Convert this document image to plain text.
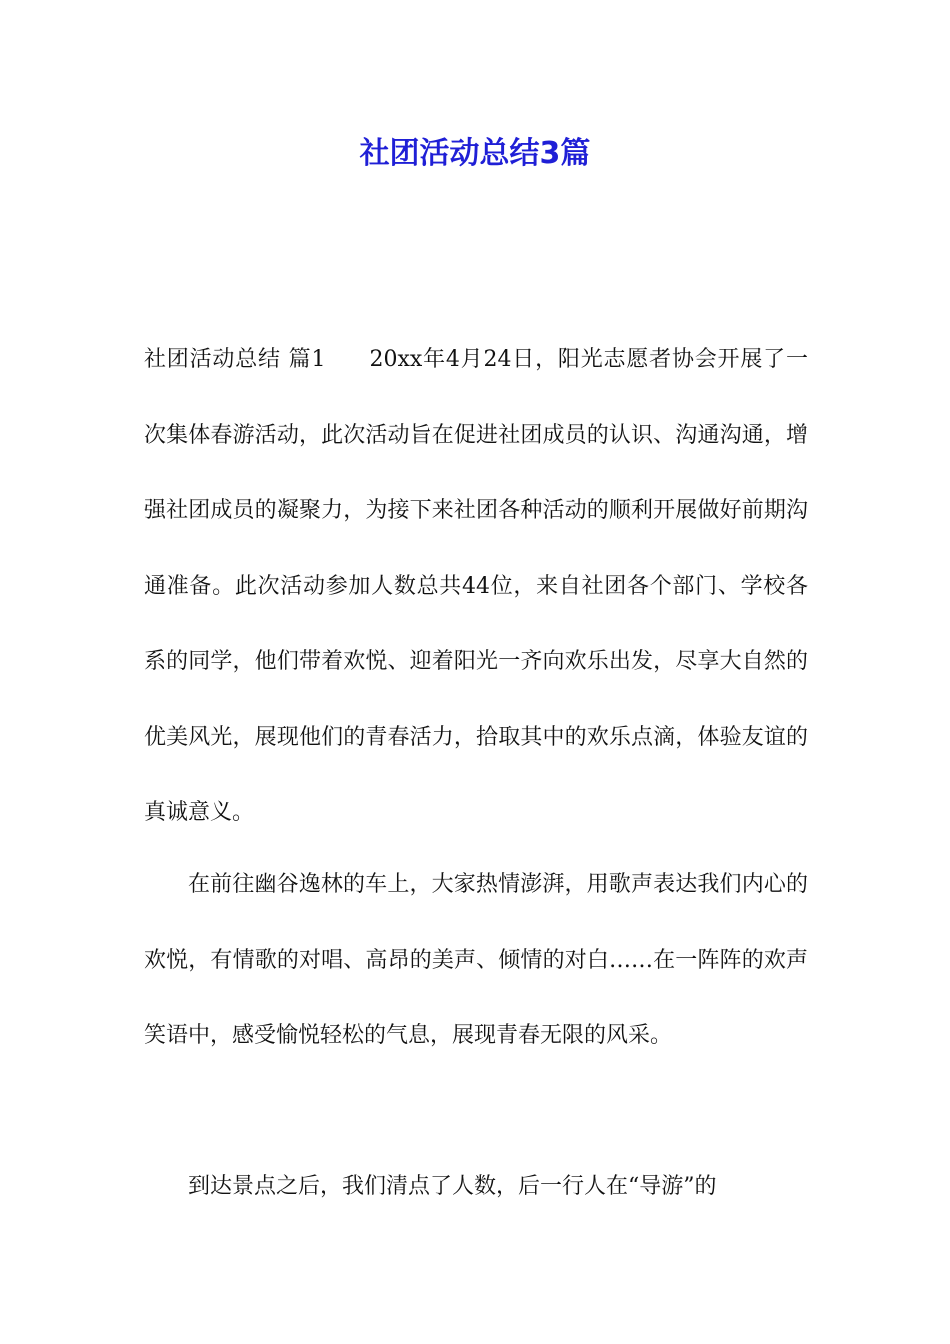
社团活动总结3篇

社团活动总结 篇1 20xx年4月24日，阳光志愿者协会开展了一次集体春游活动，此次活动旨在促进社团成员的认识、沟通沟通，增强社团成员的凝聚力，为接下来社团各种活动的顺利开展做好前期沟通准备。此次活动参加人数总共44位，来自社团各个部门、学校各系的同学，他们带着欢悦、迎着阳光一齐向欢乐出发，尽享大自然的优美风光，展现他们的青春活力，拾取其中的欢乐点滴，体验友谊的真诚意义。

在前往幽谷逸林的车上，大家热情澎湃，用歌声表达我们内心的欢悦，有情歌的对唱、高昂的美声、倾情的对白……在一阵阵的欢声笑语中，感受愉悦轻松的气息，展现青春无限的风采。

到达景点之后，我们清点了人数，后一行人在“导游”的
